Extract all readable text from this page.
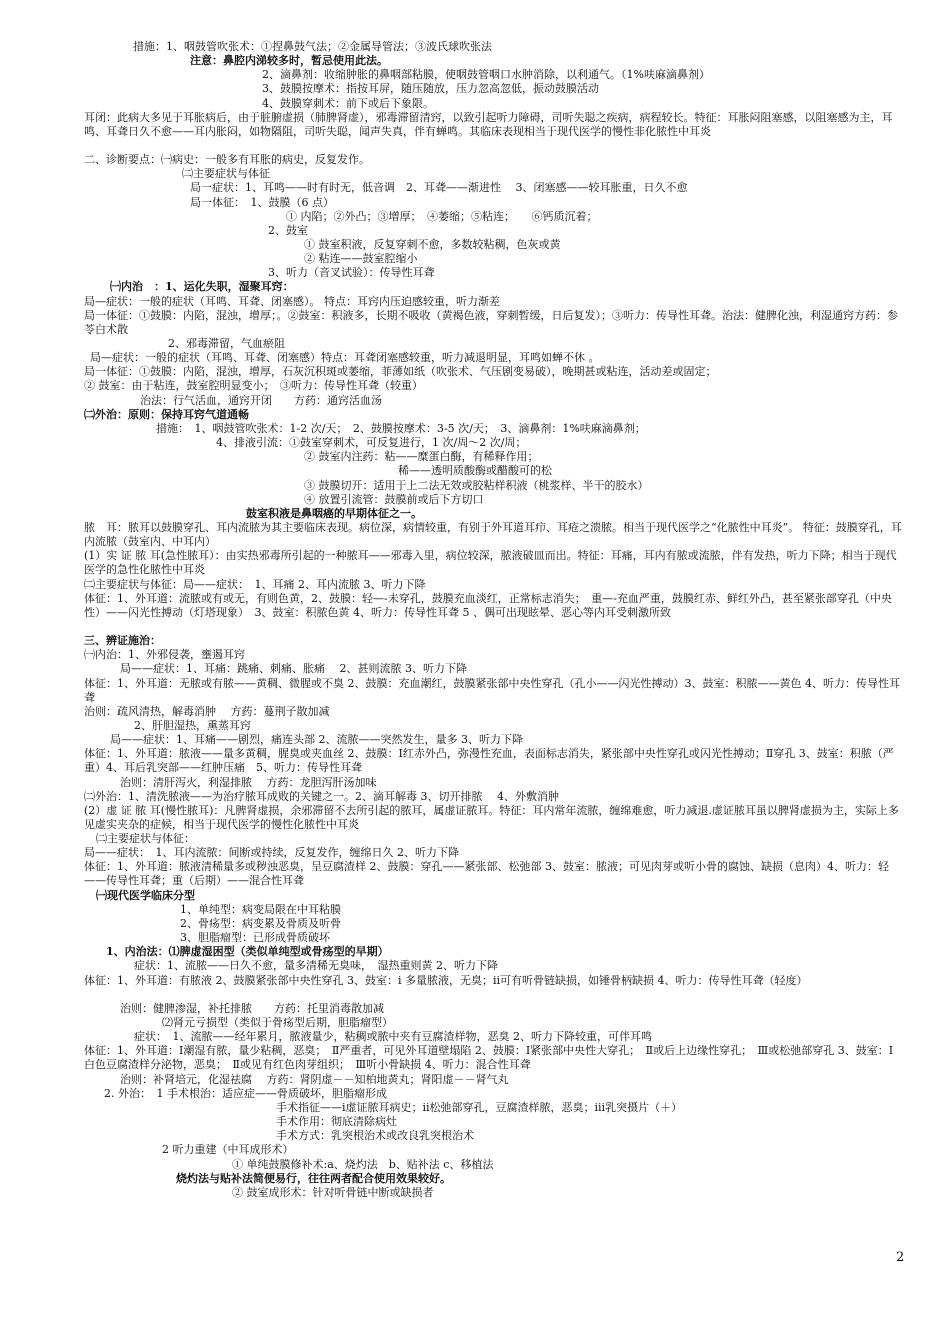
措施：1、咽鼓管吹张术：①捏鼻鼓气法；②金属导管法；③波氏球吹张法
注意：鼻腔内涕较多时，暂忌使用此法。
2、滴鼻剂：收缩肿胀的鼻咽部粘膜，使咽鼓管咽口水肿消除，以利通气。（1%呋麻滴鼻剂）
3、鼓膜按摩术：指按耳屏，随压随放，压力忽高忽低，振动鼓膜活动
4、鼓膜穿刺术：前下或后下象限。
耳闭：此病大多见于耳胀病后，由于脏腑虚损（肺脾肾虚），邪毒滞留清窍，以致引起听力障碍，司听失聪之疾病，病程较长。特征：耳胀闷阻塞感，以阻塞感为主，耳鸣、耳聋日久不愈——耳内胀闷，如物隔阻，司听失聪，闻声失真，伴有蝉鸣。其临床表现相当于现代医学的慢性非化脓性中耳炎
二、诊断要点：㈠病史：一般多有耳胀的病史，反复发作。
㈡主要症状与体征
局一症状：1、耳鸣——时有时无，低音调　2、耳聋——渐进性　 3、闭塞感——较耳胀重，日久不愈
局一体征：　1、鼓膜（6 点）
① 内陷；②外凸；③增厚；　④萎缩；⑤粘连；　　⑥钙质沉着；
2、鼓室
① 鼓室积液，反复穿刺不愈，多数较粘稠，色灰或黄
② 粘连——鼓室腔缩小
3、听力（音叉试验）：传导性耳聋
㈠内治　：1、运化失职，湿聚耳窍：
局—症状：一般的症状（耳鸣、耳聋、闭塞感）。 特点：耳窍内压迫感较重，听力渐差
局一体征：①鼓膜：内陷，混浊，增厚；。②鼓室：积液多，长期不吸收（黄褐色液，穿刺暂缓，日后复发）；③听力：传导性耳聋。治法：健脾化浊，利湿通窍方药：参苓白术散
2、邪毒滞留，气血瘀阻
局—症状：一般的症状（耳鸣、耳聋、闭塞感）特点：耳聋闭塞感较重，听力减退明显，耳鸣如蝉不休 。
局一体征：①鼓膜：内陷，混浊，增厚，石灰沉积斑或萎缩，菲薄如纸（吹张术、气压剧变易破），晚期甚或粘连，活动差或固定；
② 鼓室：由于粘连，鼓室腔明显变小；　③听力：传导性耳聋（较重）
治法：行气活血，通窍开闭　　方药：通窍活血汤
㈡外治：原则：保持耳窍气道通畅
措施：　1、咽鼓管吹张术：1-2 次/天；　2、鼓膜按摩术：3-5 次/天；　3、滴鼻剂：1%呋麻滴鼻剂；
4、排液引流：①鼓室穿刺术，可反复进行，1 次/周～2 次/周；
② 鼓室内注药：粘——糜蛋白酶，有稀释作用；
稀——透明质酸酶或醋酸可的松
③ 鼓膜切开：适用于上二法无效或胶粘样积液（桃浆样、半干的胶水）
④ 放置引流管：鼓膜前或后下方切口
鼓室积液是鼻咽癌的早期体征之一。
脓　耳：脓耳以鼓膜穿孔、耳内流脓为其主要临床表现。病位深，病情较重，有别于外耳道耳疖、耳疮之溃脓。相当于现代医学之“化脓性中耳炎”。 特征：鼓膜穿孔，耳内流脓（鼓室内、中耳内）
(1）实 证 脓 耳(急性脓耳）：由实热邪毒所引起的一种脓耳——邪毒入里，病位较深，脓液破皿而出。特征：耳痛，耳内有脓或流脓，伴有发热，听力下降；相当于现代医学的急性化脓性中耳炎
㈡主要症状与体征：局——症状：　1、耳痛 2、耳内流脓 3、听力下降
体征：1、外耳道：流脓或有或无，有则色黄，2、鼓膜：轻—-未穿孔，鼓膜充血淡红，正常标志消失；　重—-充血严重，鼓膜红赤、鲜红外凸，甚至紧张部穿孔（中央性）——闪光性搏动（灯塔现象）　3、鼓室：积脓色黄 4、听力：传导性耳聋 5 、偶可出现眩晕、恶心等内耳受刺激所致
三、辨证施治：
㈠内治：1、外邪侵袭，壅遏耳窍
局——症状：1、耳痛：跳痛、刺痛、胀痛　 2、甚则流脓 3、听力下降
体征：1、外耳道：无脓或有脓——黄稠、微腥或不臭 2、鼓膜：充血潮红，鼓膜紧张部中央性穿孔（孔小——闪光性搏动）3、鼓室：积脓——黄色 4、听力：传导性耳聋
治则：疏风清热，解毒消肿　 方药：蔓荆子散加减
2、肝胆湿热，熏蒸耳窍
局——症状：1、耳痛——剧烈，痛连头部 2、流脓——突然发生，量多 3、听力下降
体征：1、外耳道：脓液——量多黄稠，腥臭或夹血丝 2、鼓膜：Ⅰ红赤外凸，弥漫性充血，表面标志消失，紧张部中央性穿孔或闪光性搏动；Ⅱ穿孔 3、鼓室：积脓（严重）4、耳后乳突部——红肿压痛　5、听力：传导性耳聋
治则：清肝泻火，利湿排脓　 方药：龙胆泻肝汤加味
㈡外治：1、清洗脓液——为治疗脓耳成败的关键之一。2、滴耳解毒 3、切开排脓　 4、外敷消肿
(2）虚 证 脓 耳(慢性脓耳)：凡脾肾虚损，余邪滞留不去所引起的脓耳，属虚证脓耳。特征：耳内常年流脓，缠绵难愈，听力减退.虚证脓耳虽以脾肾虚损为主，实际上多见虚实夹杂的症候，相当于现代医学的慢性化脓性中耳炎
㈡主要症状与体征：
局——症状：　1、耳内流脓：间断或持续，反复发作，缠绵日久 2、听力下降
体征：1、外耳道：脓液清稀量多或秽浊恶臭，呈豆腐渣样 2、鼓膜：穿孔——紧张部、松弛部 3、鼓室：脓液；可见肉芽或听小骨的腐蚀、缺损（息肉）4、听力：轻——传导性耳聋；重（后期）——混合性耳聋
㈠现代医学临床分型
1、单纯型：病变局限在中耳粘膜
2、骨疡型：病变累及骨质及听骨
3、胆脂瘤型：已形成骨质破坏
1、内治法：⑴脾虚湿困型（类似单纯型或骨疡型的早期）
症状：1、流脓——日久不愈，量多清稀无臭味，　湿热重则黄 2、听力下降
体征：1、外耳道：有脓液 2、鼓膜紧张部中央性穿孔 3、鼓室：ⅰ 多量脓液，无臭；ⅱ可有听骨链缺损，如锤骨柄缺损 4、听力：传导性耳聋（轻度）
治则：健脾渗湿，补托排脓　　方药：托里消毒散加减
⑵肾元亏损型（类似于骨疡型后期，胆脂瘤型）
症状：　1、流脓——经年累月，脓液量少，粘稠或脓中夹有豆腐渣样物，恶臭 2、听力下降较重，可伴耳鸣
体征：1、外耳道：Ⅰ潮湿有脓，量少粘稠，恶臭；　Ⅱ严重者，可见外耳道壁塌陷 2、鼓膜：Ⅰ紧张部中央性大穿孔；　Ⅱ或后上边缘性穿孔；　Ⅲ或松弛部穿孔 3、鼓室：Ⅰ白色豆腐渣样分泌物，恶臭；　Ⅱ或见有红色肉芽组织；　Ⅲ听小骨缺损 4、听力：混合性耳聋
治则：补肾培元，化湿祛腐　 方药：肾阴虚－－知柏地黄丸；肾阳虚－－肾气丸
2. 外治：　1 手术根治：适应症——骨质破坏，胆脂瘤形成
手术指征——ⅰ虚证脓耳病史；ⅱ松弛部穿孔，豆腐渣样脓，恶臭；ⅲ乳突摄片（＋）
手术作用：彻底清除病灶
手术方式：乳突根治术或改良乳突根治术
2 听力重建（中耳成形术）
① 单纯鼓膜修补术:a、烧灼法　b、贴补法 c、移植法
烧灼法与贴补法简便易行，往往两者配合使用效果较好。
② 鼓室成形术：针对听骨链中断或缺损者
2
